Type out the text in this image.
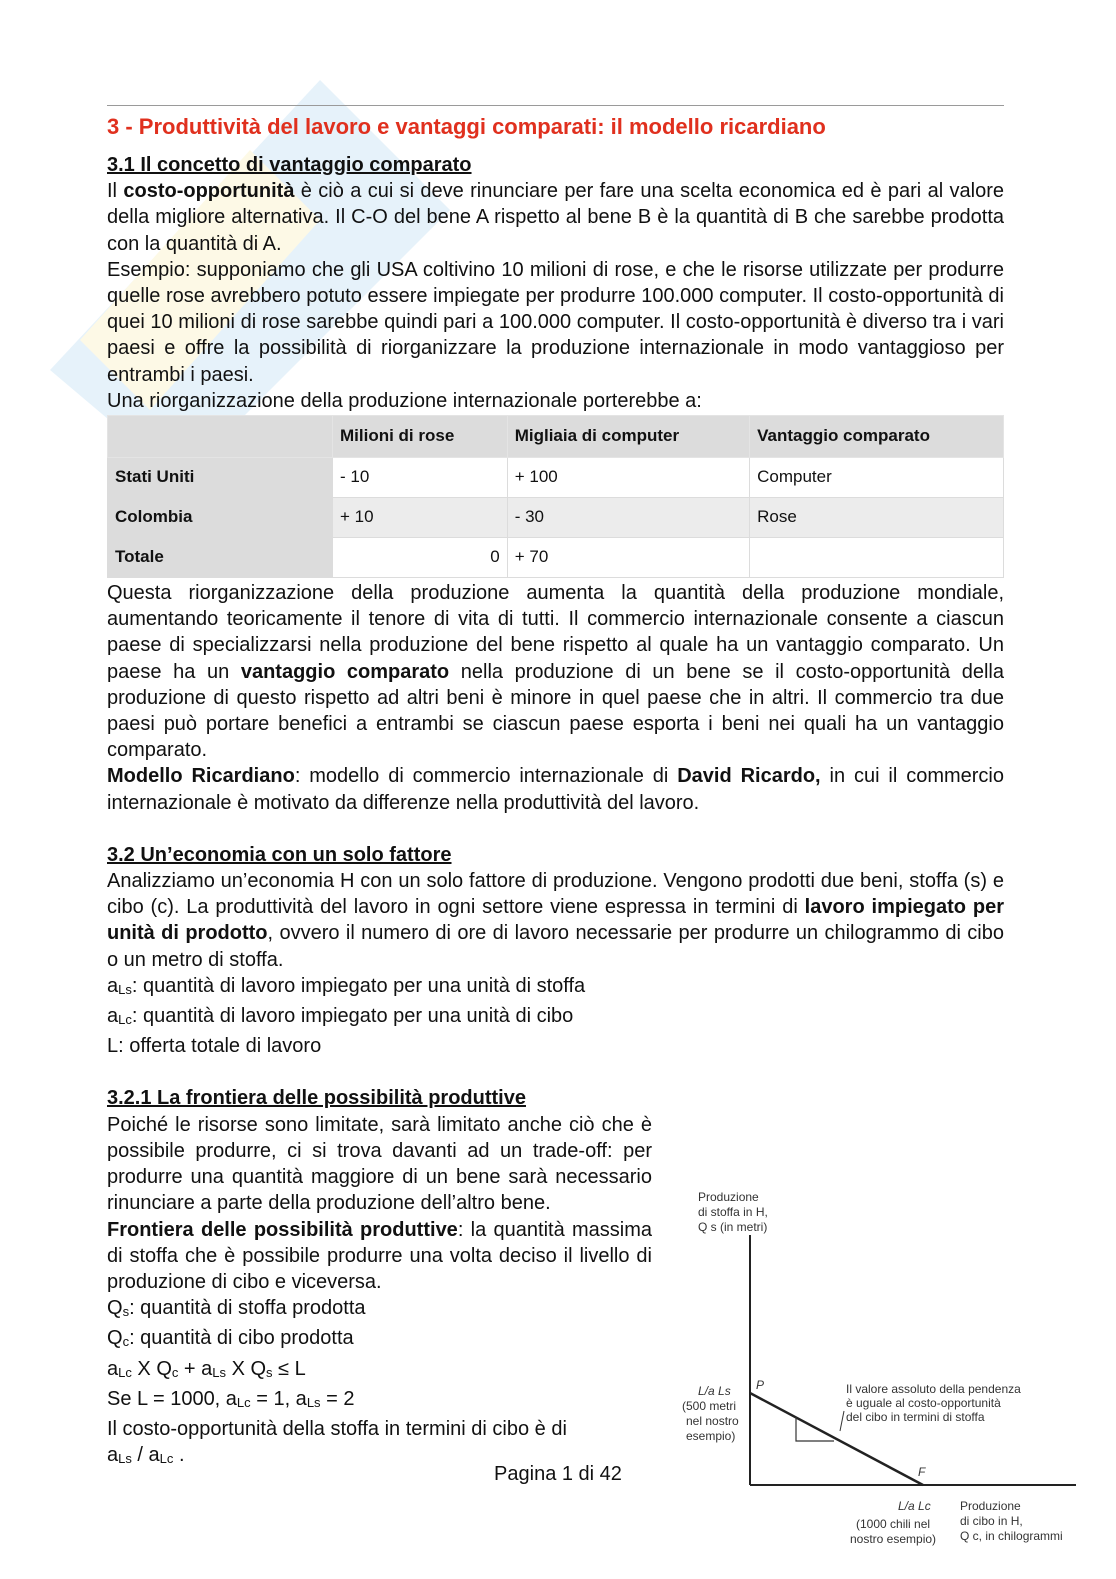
3 - Produttività del lavoro e vantaggi comparati: il modello ricardiano
3.1 Il concetto di vantaggio comparato

Il costo-opportunità è ciò a cui si deve rinunciare per fare una scelta economica ed è pari al valore della migliore alternativa. Il C-O del bene A rispetto al bene B è la quantità di B che sarebbe prodotta con la quantità di A.

Esempio: supponiamo che gli USA coltivino 10 milioni di rose, e che le risorse utilizzate per produrre quelle rose avrebbero potuto essere impiegate per produrre 100.000 computer. Il costo-opportunità di quei 10 milioni di rose sarebbe quindi pari a 100.000 computer. Il costo-opportunità è diverso tra i vari paesi e offre la possibilità di riorganizzare la produzione internazionale in modo vantaggioso per entrambi i paesi.

Una riorganizzazione della produzione internazionale porterebbe a:

	Milioni di rose	Migliaia di computer	Vantaggio comparato
Stati Uniti	- 10	+ 100	Computer
Colombia	+ 10	- 30	Rose
Totale	0	+ 70	

Questa riorganizzazione della produzione aumenta la quantità della produzione mondiale, aumentando teoricamente il tenore di vita di tutti. Il commercio internazionale consente a ciascun paese di specializzarsi nella produzione del bene rispetto al quale ha un vantaggio comparato. Un paese ha un vantaggio comparato nella produzione di un bene se il costo-opportunità della produzione di questo rispetto ad altri beni è minore in quel paese che in altri. Il commercio tra due paesi può portare benefici a entrambi se ciascun paese esporta i beni nei quali ha un vantaggio comparato.

Modello Ricardiano: modello di commercio internazionale di David Ricardo, in cui il commercio internazionale è motivato da differenze nella produttività del lavoro.

3.2 Un’economia con un solo fattore

Analizziamo un’economia H con un solo fattore di produzione. Vengono prodotti due beni, stoffa (s) e cibo (c). La produttività del lavoro in ogni settore viene espressa in termini di lavoro impiegato per unità di prodotto, ovvero il numero di ore di lavoro necessarie per produrre un chilogrammo di cibo o un metro di stoffa.

$a_{Ls}$: quantità di lavoro impiegato per una unità di stoffa

$a_{Lc}$: quantità di lavoro impiegato per una unità di cibo

L: offerta totale di lavoro

3.2.1 La frontiera delle possibilità produttive

Poiché le risorse sono limitate, sarà limitato anche ciò che è possibile produrre, ci si trova davanti ad un trade-off: per produrre una quantità maggiore di un bene sarà necessario rinunciare a parte della produzione dell’altro bene.

Frontiera delle possibilità produttive: la quantità massima di stoffa che è possibile produrre una volta deciso il livello di produzione di cibo e viceversa.

$Q_s$: quantità di stoffa prodotta

$Q_c$: quantità di cibo prodotta

$a_{Lc}$ X $Q_c + a_{Ls}$ X $Q_s \le L$

Se L = 1000, $a_{Lc} = 1$, $a_{Ls} = 2$

Il costo-opportunità della stoffa in termini di cibo è di

$a_{Ls} / a_{Lc}$ .

Produzione
di stoffa in H,
Q s (in metri)
L/a Ls
(500 metri
nel nostro
esempio)
P
F
Il valore assoluto della pendenza
è uguale al costo-opportunità
del cibo in termini di stoffa
L/a Lc
(1000 chili nel
nostro esempio)
Produzione
di cibo in H,
Q c, in chilogrammi
Pagina 1 di 42
